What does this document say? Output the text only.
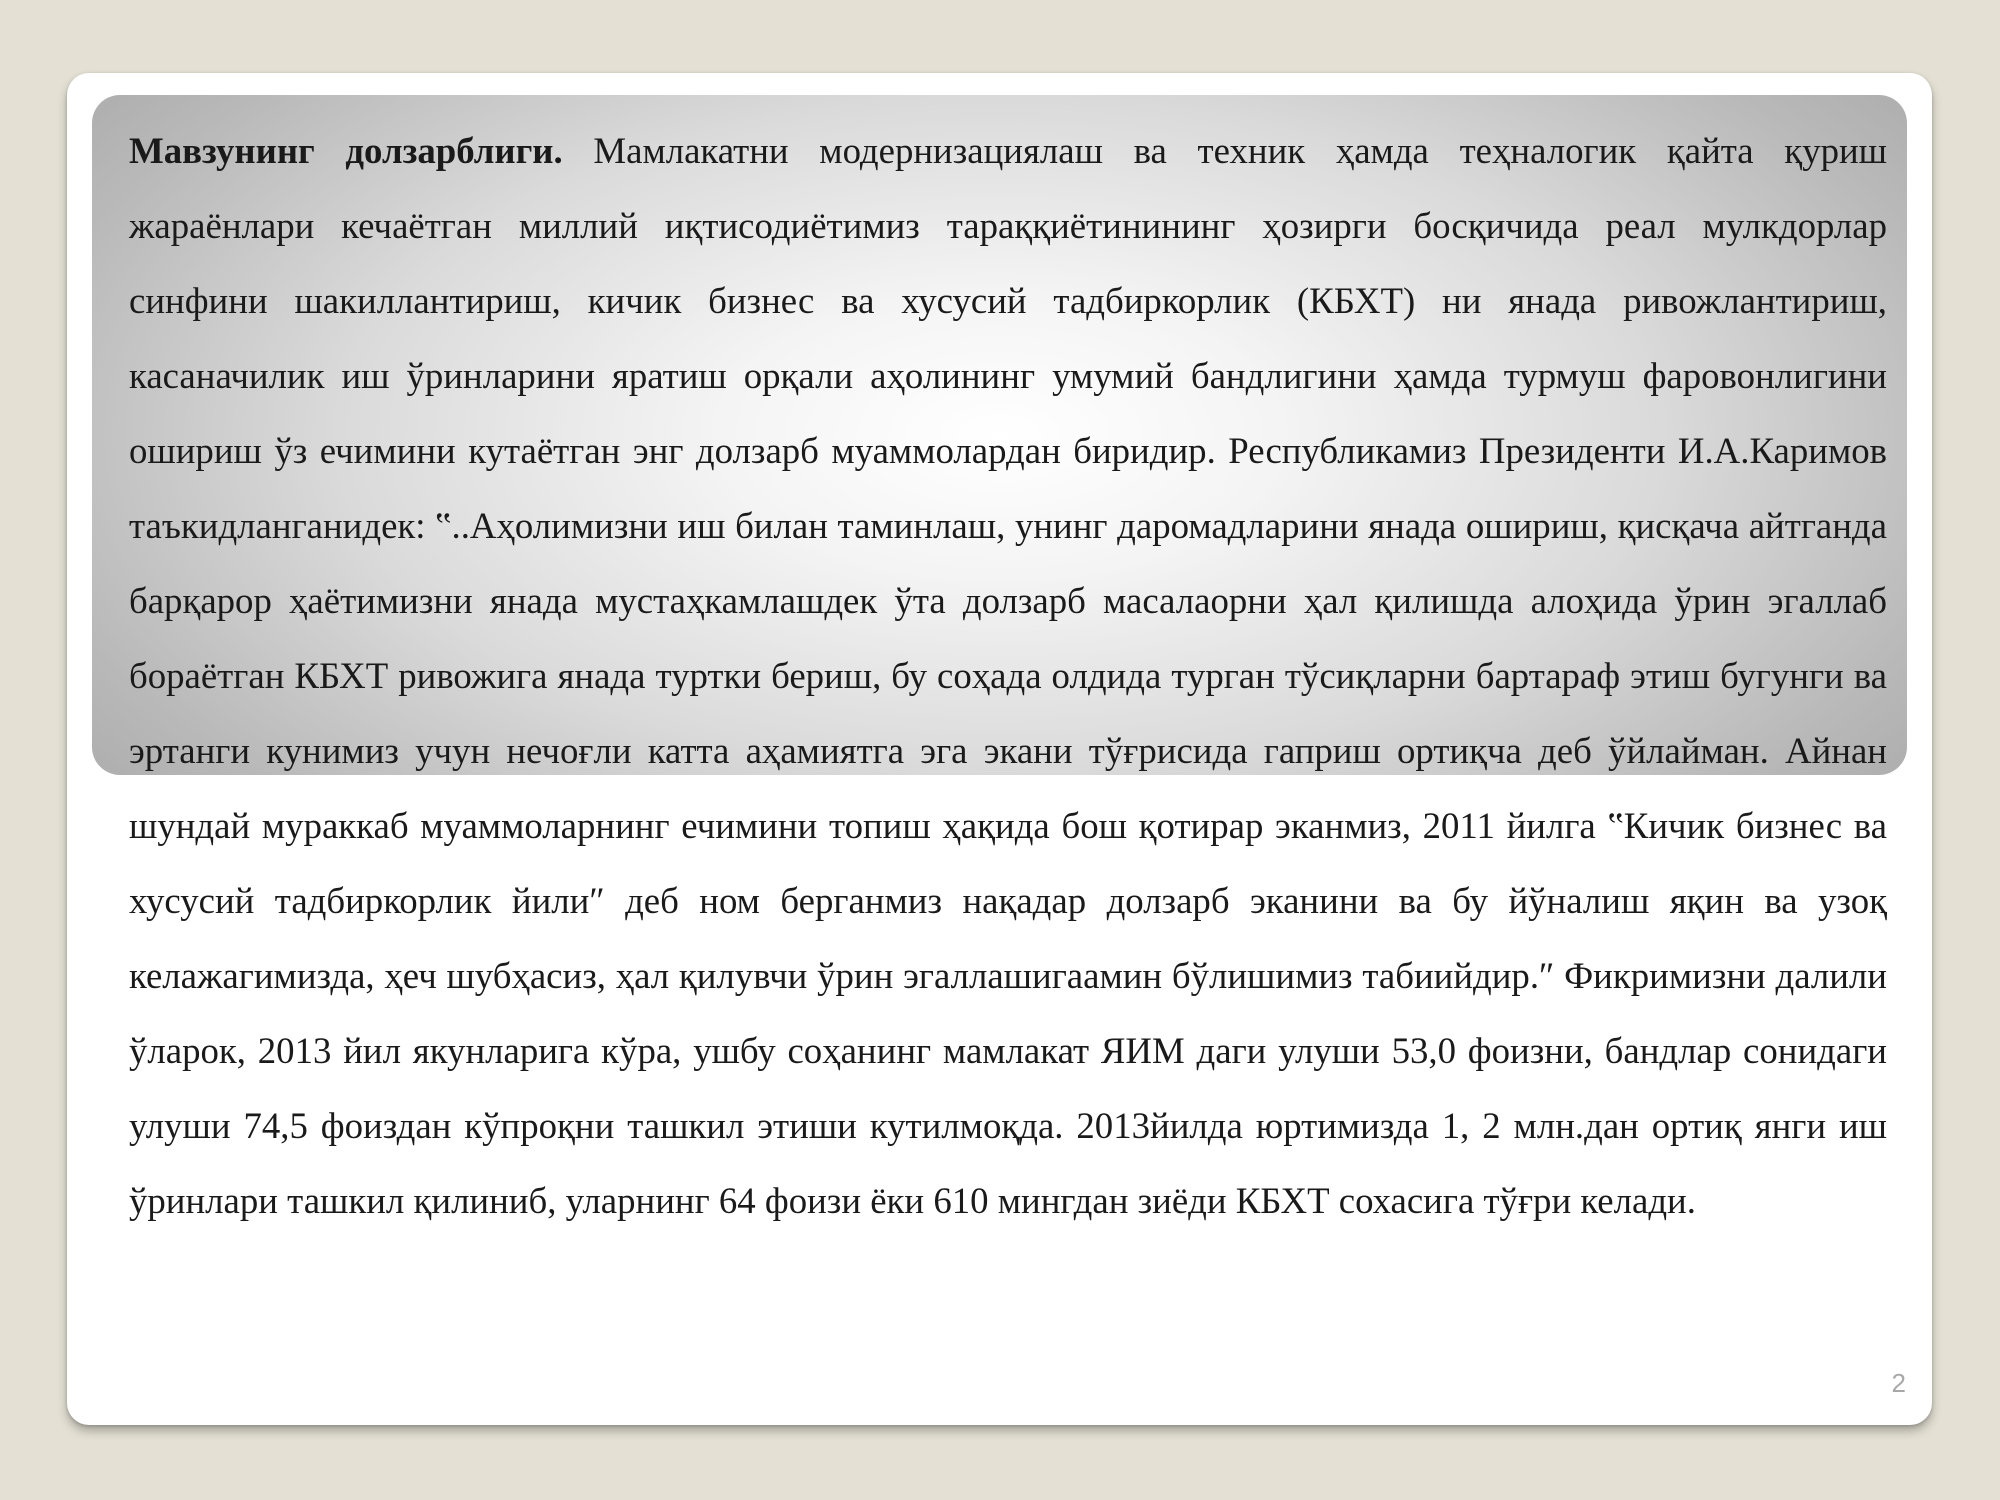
Мавзунинг долзарблиги. Мамлакатни модернизациялаш ва техник ҳамда теҳналогик қайта қуриш жараёнлари кечаётган миллий иқтисодиётимиз тараққиётинининг ҳозирги босқичида реал мулкдорлар синфини шакиллантириш, кичик бизнес ва хусусий тадбиркорлик (КБХТ) ни янада ривожлантириш, касаначилик иш ўринларини яратиш орқали аҳолининг умумий бандлигини ҳамда турмуш фаровонлигини ошириш ўз ечимини кутаётган энг долзарб муаммолардан биридир. Республикамиз Президенти И.А.Каримов таъкидланганидек: ‟..Аҳолимизни иш билан таминлаш, унинг даромадларини янада ошириш, қисқача айтганда барқарор ҳаётимизни янада мустаҳкамлашдек ўта долзарб масалаорни ҳал қилишда алоҳида ўрин эгаллаб бораётган КБХТ ривожига янада туртки бериш, бу соҳада олдида турган тўсиқларни бартараф этиш бугунги ва эртанги кунимиз учун нечоғли катта аҳамиятга эга экани тўғрисида гаприш ортиқча деб ўйлайман. Айнан шундай мураккаб муаммоларнинг ечимини топиш ҳақида бош қотирар эканмиз, 2011 йилга ‟Кичик бизнес ва хусусий тадбиркорлик йили″ деб ном берганмиз нақадар долзарб эканини ва бу йўналиш яқин ва узоқ келажагимизда, ҳеч шубҳасиз, ҳал қилувчи ўрин эгаллашигаамин бўлишимиз табиийдир.″ Фикримизни далили ўларок, 2013 йил якунларига кўра, ушбу соҳанинг мамлакат ЯИМ даги улуши 53,0 фоизни, бандлар сонидаги улуши 74,5 фоиздан кўпроқни ташкил этиши кутилмоқда. 2013йилда юртимизда 1, 2 млн.дан ортиқ янги иш ўринлари ташкил қилиниб, уларнинг 64 фоизи ёки 610 мингдан зиёди КБХТ сохасига тўғри келади.

2
